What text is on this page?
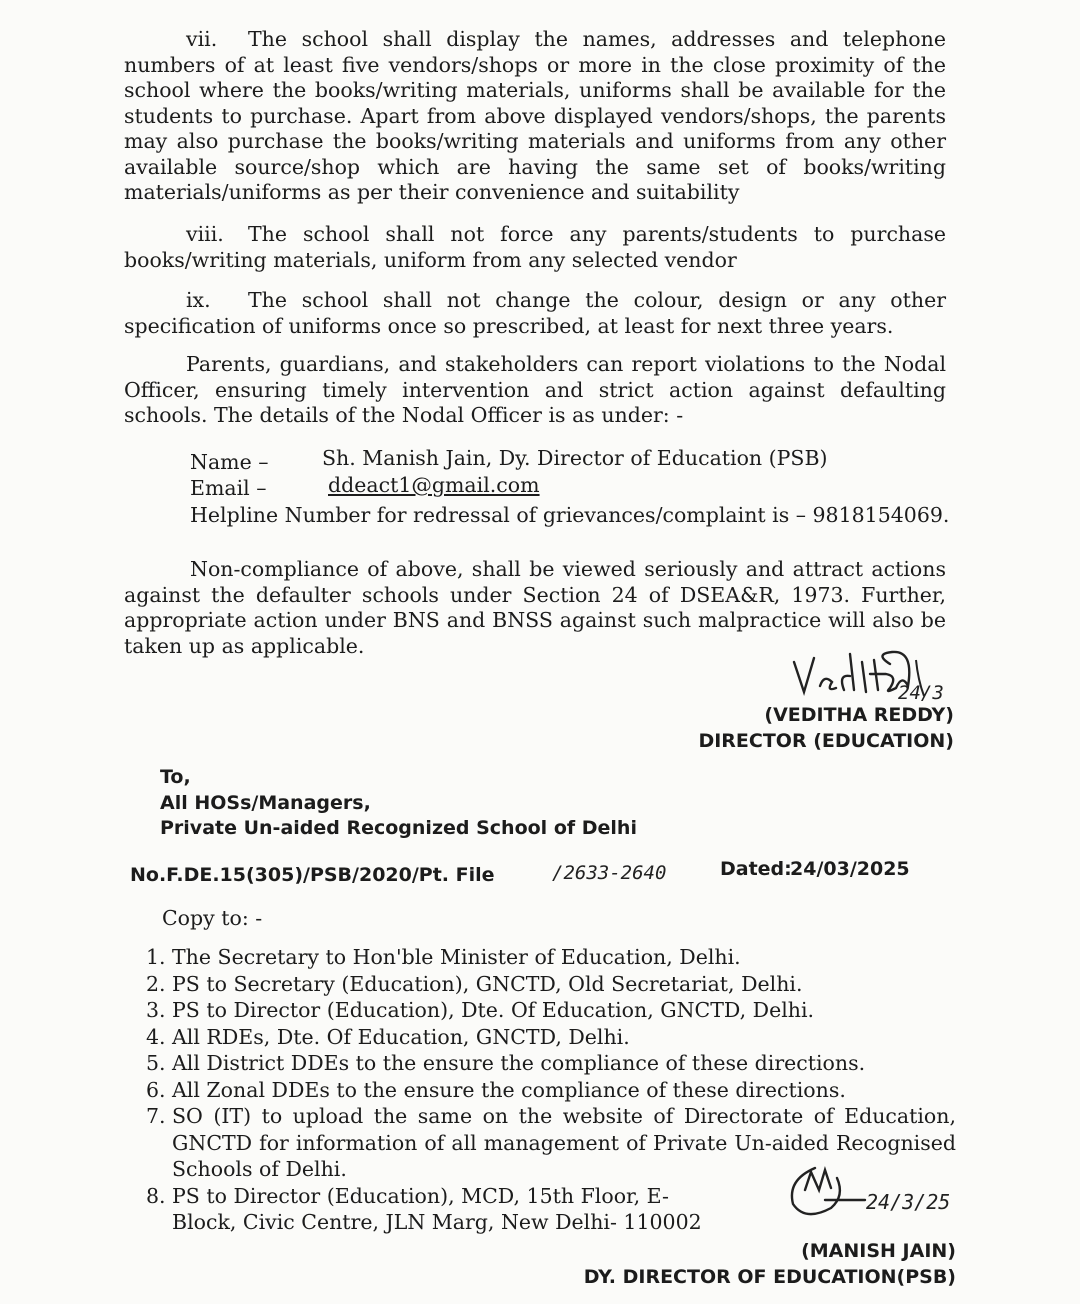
vii. The school shall display the names, addresses and telephone numbers of at least five vendors/shops or more in the close proximity of the school where the books/writing materials, uniforms shall be available for the students to purchase. Apart from above displayed vendors/shops, the parents may also purchase the books/writing materials and uniforms from any other available source/shop which are having the same set of books/writing materials/uniforms as per their convenience and suitability

viii. The school shall not force any parents/students to purchase books/writing materials, uniform from any selected vendor

ix. The school shall not change the colour, design or any other specification of uniforms once so prescribed, at least for next three years.

Parents, guardians, and stakeholders can report violations to the Nodal Officer, ensuring timely intervention and strict action against defaulting schools. The details of the Nodal Officer is as under: -

Name –	Sh. Manish Jain, Dy. Director of Education (PSB)
Email –	ddeact1@gmail.com
Helpline Number for redressal of grievances/complaint is – 9818154069.

Non-compliance of above, shall be viewed seriously and attract actions against the defaulter schools under Section 24 of DSEA&R, 1973. Further, appropriate action under BNS and BNSS against such malpractice will also be taken up as applicable.

24/3
(VEDITHA REDDY)
DIRECTOR (EDUCATION)
To,
All HOSs/Managers,
Private Un-aided Recognized School of Delhi
No.F.DE.15(305)/PSB/2020/Pt. File	/2633-2640	Dated:
24/03/2025
Copy to: -
1. The Secretary to Hon'ble Minister of Education, Delhi.
2. PS to Secretary (Education), GNCTD, Old Secretariat, Delhi.
3. PS to Director (Education), Dte. Of Education, GNCTD, Delhi.
4. All RDEs, Dte. Of Education, GNCTD, Delhi.
5. All District DDEs to the ensure the compliance of these directions.
6. All Zonal DDEs to the ensure the compliance of these directions.
7. SO (IT) to upload the same on the website of Directorate of Education, GNCTD for information of all management of Private Un-aided Recognised Schools of Delhi.
8. PS to Director (Education), MCD, 15th Floor, E-Block, Civic Centre, JLN Marg, New Delhi- 110002
24/3/25
(MANISH JAIN)
DY. DIRECTOR OF EDUCATION(PSB)
